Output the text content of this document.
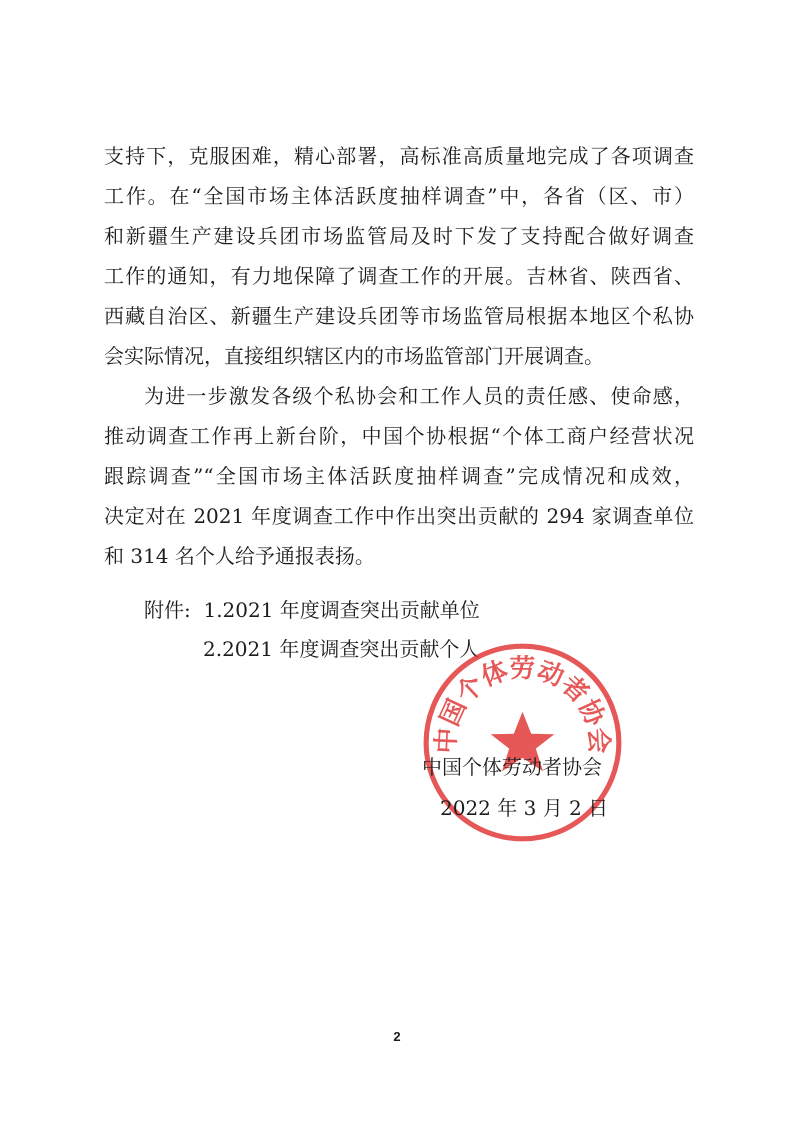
支持下，克服困难，精心部署，高标准高质量地完成了各项调查
工作。在“全国市场主体活跃度抽样调查”中，各省（区、市）
和新疆生产建设兵团市场监管局及时下发了支持配合做好调查
工作的通知，有力地保障了调查工作的开展。吉林省、陕西省、
西藏自治区、新疆生产建设兵团等市场监管局根据本地区个私协
会实际情况，直接组织辖区内的市场监管部门开展调查。
为进一步激发各级个私协会和工作人员的责任感、使命感，
推动调查工作再上新台阶，中国个协根据“个体工商户经营状况
跟踪调查”“全国市场主体活跃度抽样调查”完成情况和成效，
决定对在 2021 年度调查工作中作出突出贡献的 294 家调查单位
和 314 名个人给予通报表扬。
附件: 1.2021 年度调查突出贡献单位
2.2021 年度调查突出贡献个人
中国个体劳动者协会
中国个体劳动者协会
2022 年 3 月 2 日
2
